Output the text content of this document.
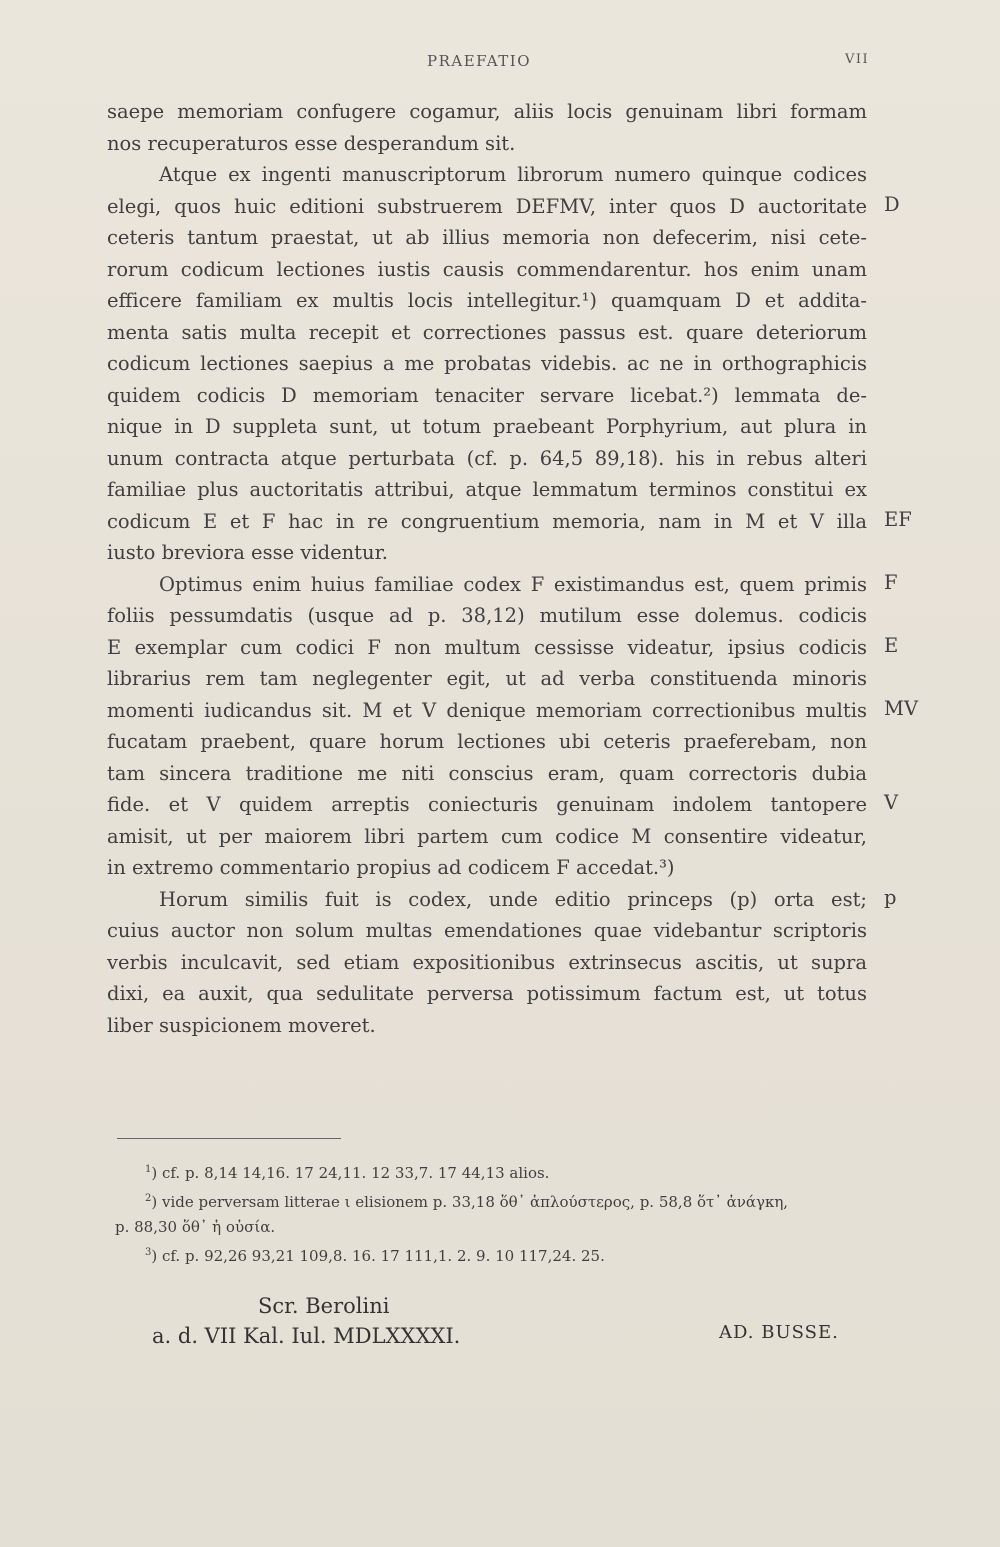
PRAEFATIO	VII
saepe memoriam confugere cogamur, aliis locis genuinam libri formam
nos recuperaturos esse desperandum sit.
Atque ex ingenti manuscriptorum librorum numero quinque codices
elegi, quos huic editioni substruerem DEFMV, inter quos D auctoritate
ceteris tantum praestat, ut ab illius memoria non defecerim, nisi cete-
rorum codicum lectiones iustis causis commendarentur. hos enim unam
efficere familiam ex multis locis intellegitur.¹) quamquam D et addita-
menta satis multa recepit et correctiones passus est. quare deteriorum
codicum lectiones saepius a me probatas videbis. ac ne in orthographicis
quidem codicis D memoriam tenaciter servare licebat.²) lemmata de-
nique in D suppleta sunt, ut totum praebeant Porphyrium, aut plura in
unum contracta atque perturbata (cf. p. 64,5 89,18). his in rebus alteri
familiae plus auctoritatis attribui, atque lemmatum terminos constitui ex
codicum E et F hac in re congruentium memoria, nam in M et V illa
iusto breviora esse videntur.
Optimus enim huius familiae codex F existimandus est, quem primis
foliis pessumdatis (usque ad p. 38,12) mutilum esse dolemus. codicis
E exemplar cum codici F non multum cessisse videatur, ipsius codicis
librarius rem tam neglegenter egit, ut ad verba constituenda minoris
momenti iudicandus sit. M et V denique memoriam correctionibus multis
fucatam praebent, quare horum lectiones ubi ceteris praeferebam, non
tam sincera traditione me niti conscius eram, quam correctoris dubia
fide. et V quidem arreptis coniecturis genuinam indolem tantopere
amisit, ut per maiorem libri partem cum codice M consentire videatur,
in extremo commentario propius ad codicem F accedat.³)
Horum similis fuit is codex, unde editio princeps (p) orta est;
cuius auctor non solum multas emendationes quae videbantur scriptoris
verbis inculcavit, sed etiam expositionibus extrinsecus ascitis, ut supra
dixi, ea auxit, qua sedulitate perversa potissimum factum est, ut totus
liber suspicionem moveret.
D
EF
F
E
MV
V
p
$^1$) cf. p. 8,14 14,16. 17 24,11. 12 33,7. 17 44,13 alios.
$^2$) vide perversam litterae ι elisionem p. 33,18 ὅθ᾽ ἁπλούστερος, p. 58,8 ὅτ᾽ ἀνάγκη,
p. 88,30 ὅθ᾽ ἡ οὐσία.
$^3$) cf. p. 92,26 93,21 109,8. 16. 17 111,1. 2. 9. 10 117,24. 25.
Scr. Berolini
a. d. VII Kal. Iul. MDLXXXXI.	AD. BUSSE.
